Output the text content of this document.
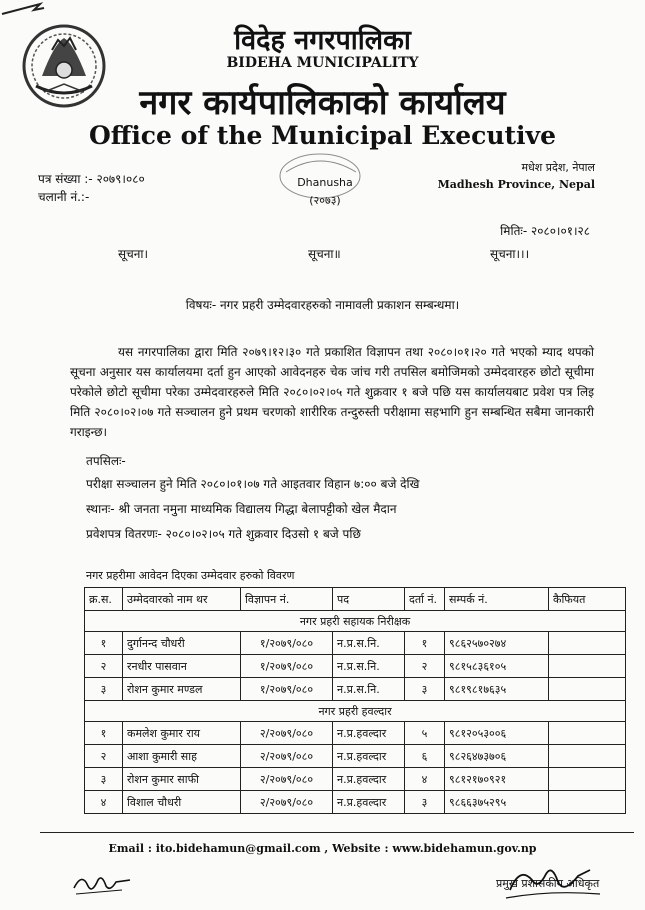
विदेह नगरपालिका
BIDEHA MUNICIPALITY
नगर कार्यपालिकाको कार्यालय
Office of the Municipal Executive
Dhanusha
(२०७३)
पत्र संख्या :- २०७९।०८०
चलानी नं.:-
मधेश प्रदेश, नेपाल
Madhesh Province, Nepal
मितिः- २०८०।०१।२८
सूचना।	सूचना॥	सूचना।।।
विषयः- नगर प्रहरी उम्मेदवारहरुको नामावली प्रकाशन सम्बन्धमा।
यस नगरपालिका द्वारा मिति २०७९।१२।३० गते प्रकाशित विज्ञापन तथा २०८०।०१।२० गते भएको म्याद थपको सूचना अनुसार यस कार्यालयमा दर्ता हुन आएको आवेदनहरु चेक जांच गरी तपसिल बमोजिमको उम्मेदवारहरु छोटो सूचीमा परेकोले छोटो सूचीमा परेका उम्मेदवारहरुले मिति २०८०।०२।०५ गते शुक्रवार १ बजे पछि यस कार्यालयबाट प्रवेश पत्र लिइ मिति २०८०।०२।०७ गते सञ्चालन हुने प्रथम चरणको शारीरिक तन्दुरुस्ती परीक्षामा सहभागि हुन सम्बन्धित सबैमा जानकारी गराइन्छ।
तपसिलः-
परीक्षा सञ्चालन हुने मिति २०८०।०१।०७ गते आइतवार विहान ७:०० बजे देखि
स्थानः- श्री जनता नमुना माध्यमिक विद्यालय गिद्धा बेलापट्टीको खेल मैदान
प्रवेशपत्र वितरणः- २०८०।०२।०५ गते शुक्रवार दिउसो १ बजे पछि
नगर प्रहरीमा आवेदन दिएका उम्मेदवार हरुको विवरण
क्र.स.	उम्मेदवारको नाम थर	विज्ञापन नं.	पद	दर्ता नं.	सम्पर्क नं.	कैफियत
नगर प्रहरी सहायक निरीक्षक						
१	दुर्गानन्द चौधरी	१/२०७९/०८०	न.प्र.स.नि.	१	९८६२५७०२७४	
२	रनधीर पासवान	१/२०७९/०८०	न.प्र.स.नि.	२	९८१५८३६१०५	
३	रोशन कुमार मण्डल	१/२०७९/०८०	न.प्र.स.नि.	३	९८१९८१७६३५	
नगर प्रहरी हवल्दार						
१	कमलेश कुमार राय	२/२०७९/०८०	न.प्र.हवल्दार	५	९८१२०५३००६	
२	आशा कुमारी साह	२/२०७९/०८०	न.प्र.हवल्दार	६	९८२६४७३७०६	
३	रोशन कुमार साफी	२/२०७९/०८०	न.प्र.हवल्दार	४	९८१२१७०९२१	
४	विशाल चौधरी	२/२०७९/०८०	न.प्र.हवल्दार	३	९८६६३७५२९५	
Email : ito.bidehamun@gmail.com , Website : www.bidehamun.gov.np
प्रमुख प्रशासकीय अधिकृत
